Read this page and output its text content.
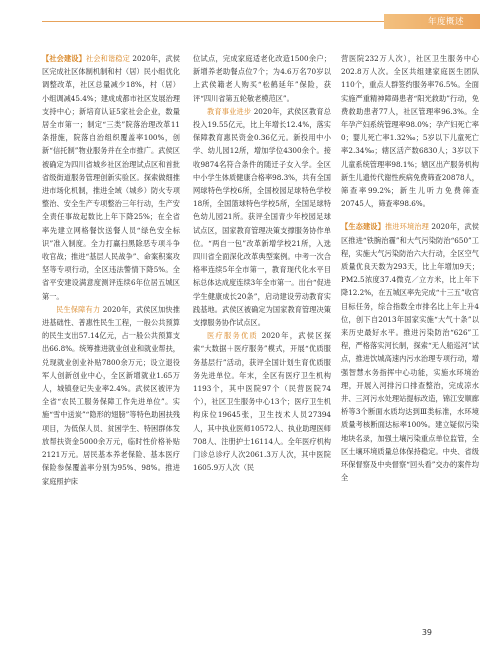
年度概述

【社会建设】社会和谐稳定 2020年，武侯区完成社区体制机制和村（居）民小组优化调整改革，社区总量减少18%，村（居）小组调减45.4%；建成成都市社区发展治理支持中心；新培育认证5家社会企业，数量居全市第一；制定“三类”院落治理改革11条措施，院落自治组织覆盖率100%，创新“信托制”物业服务并在全市推广。武侯区被确定为四川省城乡社区治理试点区和首批省级街道服务管理创新实验区。探索做细推进市场化机制，推进全域（城乡）防火专项整治、安全生产专项整治三年行动，生产安全责任事故起数比上年下降25%；在全省率先建立网格餐饮送餐人员“绿色安全标识”准入制度。全力打赢扫黑除恶专项斗争收官战；推进“基层人民战争”、命案积案攻坚等专项行动，全区违法警情下降5%。全省平安建设满意度测评连续6年位居五城区第一。

民生保障有力 2020年，武侯区加快推进基础性、普惠性民生工程，一般公共预算的民生支出57.14亿元，占一般公共预算支出66.8%。统筹推进就业创业和就业帮扶，兑现就业创业补贴7800余万元；设立退役军人创新创业中心，全区新增就业1.65万人，城镇登记失业率2.4%。武侯区被评为全省“农民工服务保障工作先进单位”。实施“雪中送炭”“隐形的翅膀”等特色助困扶残项目，为低保人员、贫困学生、特困群体发放帮扶资金5000余万元，临时性价格补贴2121万元。居民基本养老保险、基本医疗保险参保覆盖率分别为95%、98%。推进家庭照护床

位试点，完成家庭适老化改造1500余户；新增养老助餐点位7个；为4.6万名70岁以上武侯籍老人购买“松鹤延年”保险，获评“四川省第五轮敬老模范区”。

教育事业进步 2020年，武侯区教育总投入19.55亿元，比上年增长12.4%，落实保障教育惠民资金0.36亿元。新投用中小学、幼儿园12所，增加学位4300余个。接收9874名符合条件的随迁子女入学。全区中小学生体质健康合格率98.3%，共有全国网球特色学校6所，全国校园足球特色学校18所，全国篮球特色学校5所，全国足球特色幼儿园21所。获评全国青少年校园足球试点区，国家教育管理决策支撑服务协作单位。“两自一包”改革新增学校21所，入选四川省全面深化改革典型案例。中考一次合格率连续5年全市第一，教育现代化水平目标总体达成度连续3年全市第一。出台“促进学生健康成长20条”，启动建设劳动教育实践基地。武侯区被确定为国家教育管理决策支撑服务协作试点区。

医疗服务优质 2020年，武侯区探索“大数据＋医疗服务”模式，开展“优质服务基层行”活动，获评全国计划生育优质服务先进单位。年末，全区有医疗卫生机构1193个，其中医院97个（民营医院74个），社区卫生服务中心13个；医疗卫生机构床位19645张，卫生技术人员27394人，其中执业医师10572人、执业助理医师708人、注册护士16114人。全年医疗机构门诊总诊疗人次2061.3万人次，其中医院1605.9万人次（民

营医院232万人次），社区卫生服务中心202.8万人次。全区共组建家庭医生团队110个，重点人群签约服务率76.5%。全面实施严重精神障碍患者“阳光救助”行动，免费救助患者77人，社区管理率96.3%。全年孕产妇系统管理率98.0%；孕产妇死亡率0；婴儿死亡率1.32‰；5岁以下儿童死亡率2.34‰；辖区活产数6830人；3岁以下儿童系统管理率98.1%；辖区出产服务机构新生儿遗传代谢性疾病免费筛查20878人，筛查率99.2%；新生儿听力免费筛查20745人，筛查率98.6%。

【生态建设】推进环境治理 2020年，武侯区推进“铁腕治霾”和大气污染防治“650”工程，实施大气污染防治六大行动，全区空气质量优良天数为293天，比上年增加9天；PM2.5浓度37.4微克／立方米，比上年下降12.2%，在五城区率先完成“十三五”收官目标任务，综合指数全市排名比上年上升4位，创下自2013年国家实施“大气十条”以来历史最好水平。推进污染防治“626”工程，严格落实河长制，探索“无人船巡河”试点，推进饮城高速内污水治理专项行动，增强智慧水务指挥中心功能，实施水环境治理，开展入河排污口排查整治，完成凉水井、三河污水处理站提标改造，锦江安顺廊桥等3个断面水质均达到Ⅲ类标准，水环境质量考核断面达标率100%。建立疑似污染地块名录，加强土壤污染重点单位监管，全区土壤环境质量总体保持稳定。中央、省级环保督察及中央督察“回头看”交办的案件均全

39
